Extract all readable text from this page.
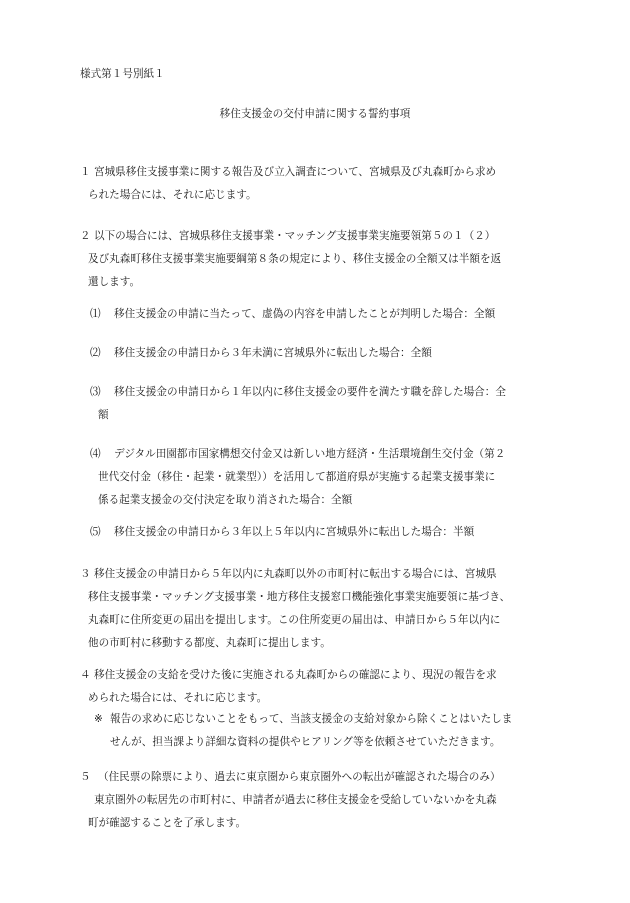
様式第１号別紙１
移住支援金の交付申請に関する誓約事項
１ 宮城県移住支援事業に関する報告及び立入調査について、宮城県及び丸森町から求め
られた場合には、それに応じます。
２ 以下の場合には、宮城県移住支援事業・マッチング支援事業実施要領第５の１（２）
及び丸森町移住支援事業実施要綱第８条の規定により、移住支援金の全額又は半額を返
還します。
⑴	移住支援金の申請に当たって、虚偽の内容を申請したことが判明した場合：全額
⑵	移住支援金の申請日から３年未満に宮城県外に転出した場合：全額
⑶	移住支援金の申請日から１年以内に移住支援金の要件を満たす職を辞した場合：全
額
⑷	デジタル田園都市国家構想交付金又は新しい地方経済・生活環境創生交付金（第２
世代交付金（移住・起業・就業型））を活用して都道府県が実施する起業支援事業に
係る起業支援金の交付決定を取り消された場合：全額
⑸	移住支援金の申請日から３年以上５年以内に宮城県外に転出した場合：半額
３ 移住支援金の申請日から５年以内に丸森町以外の市町村に転出する場合には、宮城県
移住支援事業・マッチング支援事業・地方移住支援窓口機能強化事業実施要領に基づき、
丸森町に住所変更の届出を提出します。この住所変更の届出は、申請日から５年以内に
他の市町村に移動する都度、丸森町に提出します。
４ 移住支援金の支給を受けた後に実施される丸森町からの確認により、現況の報告を求
められた場合には、それに応じます。
※ 報告の求めに応じないことをもって、当該支援金の支給対象から除くことはいたしま
せんが、担当課より詳細な資料の提供やヒアリング等を依頼させていただきます。
５ （住民票の除票により、過去に東京圏から東京圏外への転出が確認された場合のみ）
東京圏外の転居先の市町村に、申請者が過去に移住支援金を受給していないかを丸森
町が確認することを了承します。
